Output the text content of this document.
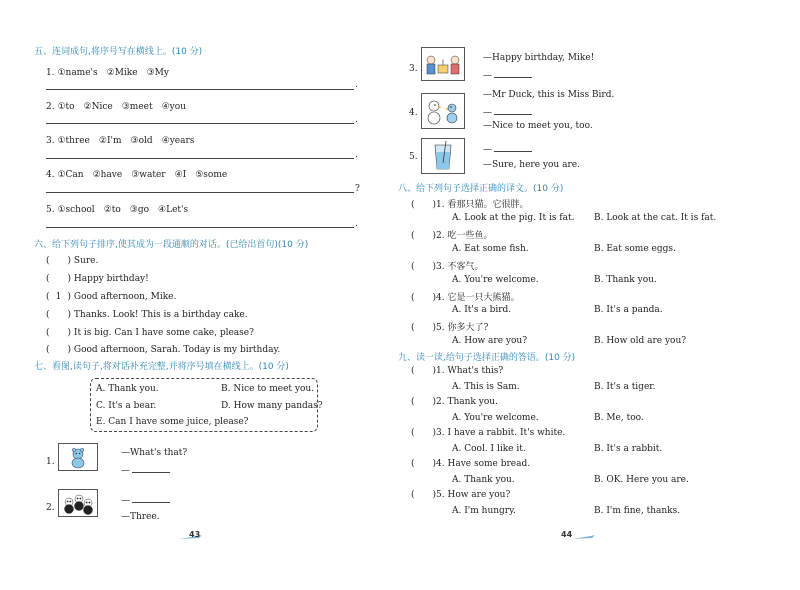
五、连词成句,将序号写在横线上。(10 分)
1. ①name's　②Mike　③My
.
2. ①to　②Nice　③meet　④you
.
3. ①three　②I'm　③old　④years
.
4. ①Can　②have　③water　④I　⑤some
?
5. ①school　②to　③go　④Let's
.
六、给下列句子排序,使其成为一段通顺的对话。(已给出首句)(10 分)
( ) Sure.
( ) Happy birthday!
( 1 ) Good afternoon, Mike.
( ) Thanks. Look! This is a birthday cake.
( ) It is big. Can I have some cake, please?
( ) Good afternoon, Sarah. Today is my birthday.
七、看图,读句子,将对话补充完整,并将序号填在横线上。(10 分)
A. Thank you.	B. Nice to meet you.
C. It's a bear.	D. How many pandas?
E. Can I have some juice, please?
1.
—What's that?
—
2.
—
—Three.
43
3.
—Happy birthday, Mike!
—
4.
—Mr Duck, this is Miss Bird.
—
—Nice to meet you, too.
5.
—
—Sure, here you are.
八、给下列句子选择正确的译文。(10 分)
( )1. 看那只猫。它很胖。
A. Look at the pig. It is fat. B. Look at the cat. It is fat.
( )2. 吃一些鱼。
A. Eat some fish.	B. Eat some eggs.
( )3. 不客气。
A. You're welcome.	B. Thank you.
( )4. 它是一只大熊猫。
A. It's a bird.	B. It's a panda.
( )5. 你多大了?
A. How are you?	B. How old are you?
九、读一读,给句子选择正确的答语。(10 分)
( )1. What's this?
A. This is Sam.	B. It's a tiger.
( )2. Thank you.
A. You're welcome.	B. Me, too.
( )3. I have a rabbit. It's white.
A. Cool. I like it.	B. It's a rabbit.
( )4. Have some bread.
A. Thank you.	B. OK. Here you are.
( )5. How are you?
A. I'm hungry.	B. I'm fine, thanks.
44
